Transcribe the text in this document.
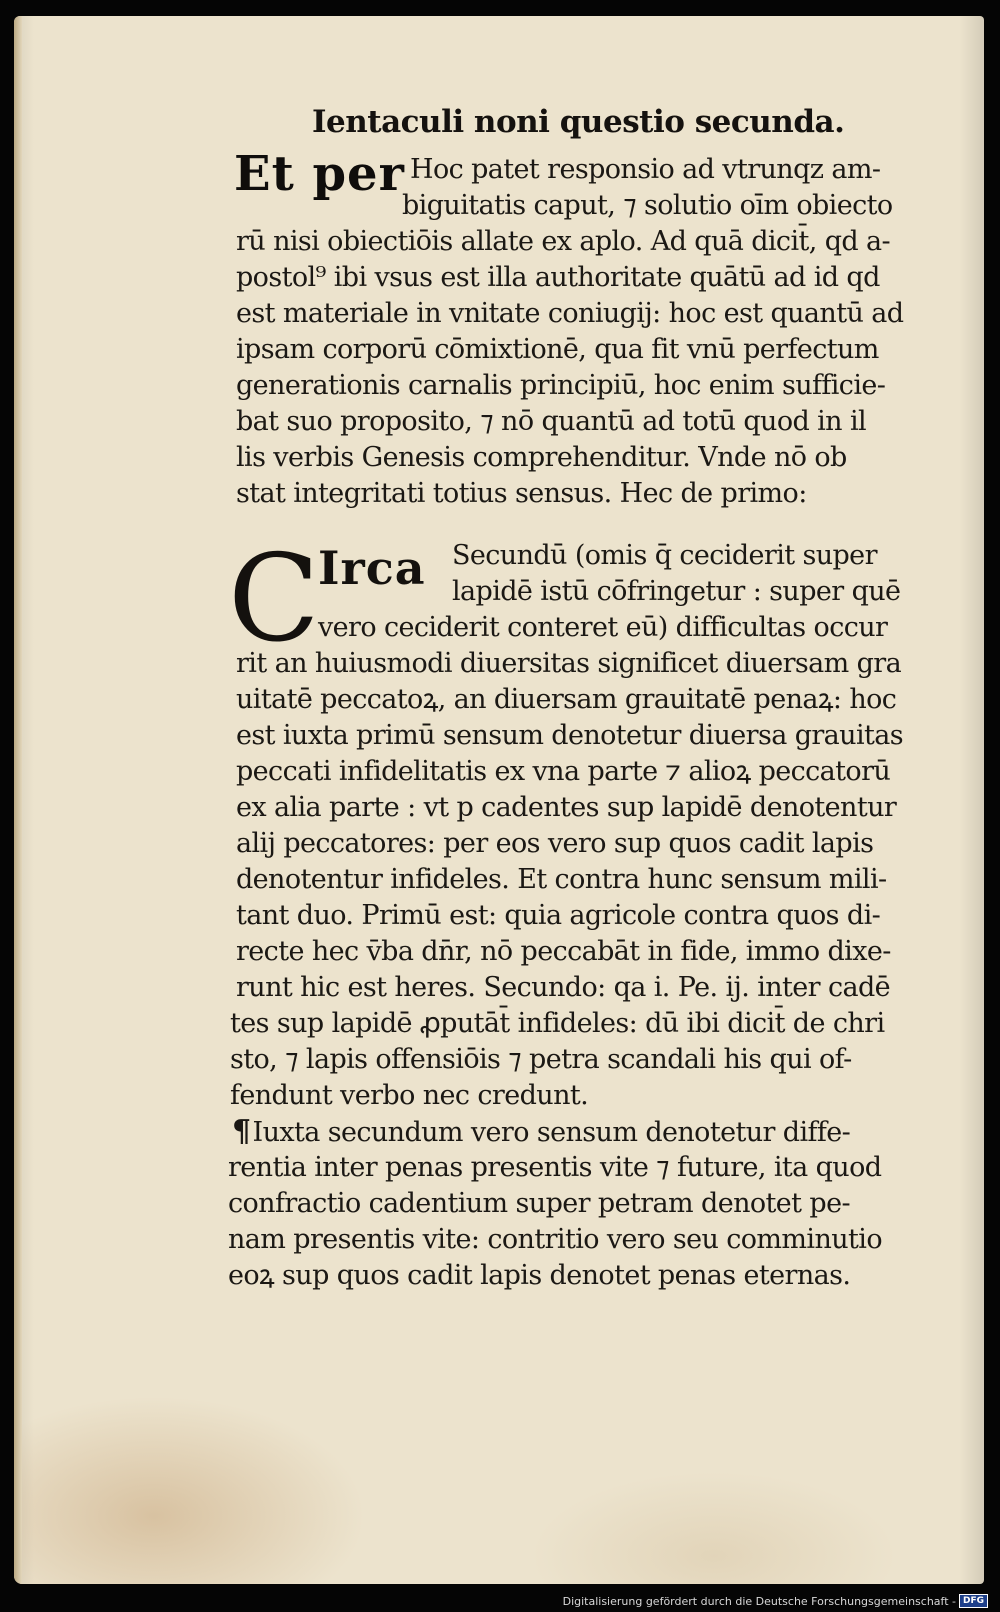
Ientaculi noni questio secunda.
Et per Hoc patet responsio ad vtrunqz am-
biguitatis caput, ⁊ solutio oīm obiecto
rū nisi obiectiōis allate ex aplo. Ad quā dicit̄, qd a-
postol⁹ ibi vsus est illa authoritate quātū ad id qd
est materiale in vnitate coniugij: hoc est quantū ad
ipsam corporū cōmixtionē, qua fit vnū perfectum
generationis carnalis principiū, hoc enim sufficie-
bat suo proposito, ⁊ nō quantū ad totū quod in il
lis verbis Genesis comprehenditur. Vnde nō ob
stat integritati totius sensus. Hec de primo:
C
Irca Secundū (omis q̄ ceciderit super
lapidē istū cōfringetur : super quē
vero ceciderit conteret eū) difficultas occur
rit an huiusmodi diuersitas significet diuersam gra
uitatē peccatoꝝ, an diuersam grauitatē penaꝝ: hoc
est iuxta primū sensum denotetur diuersa grauitas
peccati infidelitatis ex vna parte ⁊ alioꝝ peccatorū
ex alia parte : vt p cadentes sup lapidē denotentur
alij peccatores: per eos vero sup quos cadit lapis
denotentur infideles. Et contra hunc sensum mili-
tant duo. Primū est: quia agricole contra quos di-
recte hec v̄ba dn̄r, nō peccabāt in fide, immo dixe-
runt hic est heres. Secundo: qa i. Pe. ij. inter cadē
tes sup lapidē ꝓputāt̄ infideles: dū ibi dicit̄ de chri
sto, ⁊ lapis offensiōis ⁊ petra scandali his qui of-
fendunt verbo nec credunt.
¶Iuxta secundum vero sensum denotetur diffe-
rentia inter penas presentis vite ⁊ future, ita quod
confractio cadentium super petram denotet pe-
nam presentis vite: contritio vero seu comminutio
eoꝝ sup quos cadit lapis denotet penas eternas.
Digitalisierung gefördert durch die Deutsche Forschungsgemeinschaft - DFG
